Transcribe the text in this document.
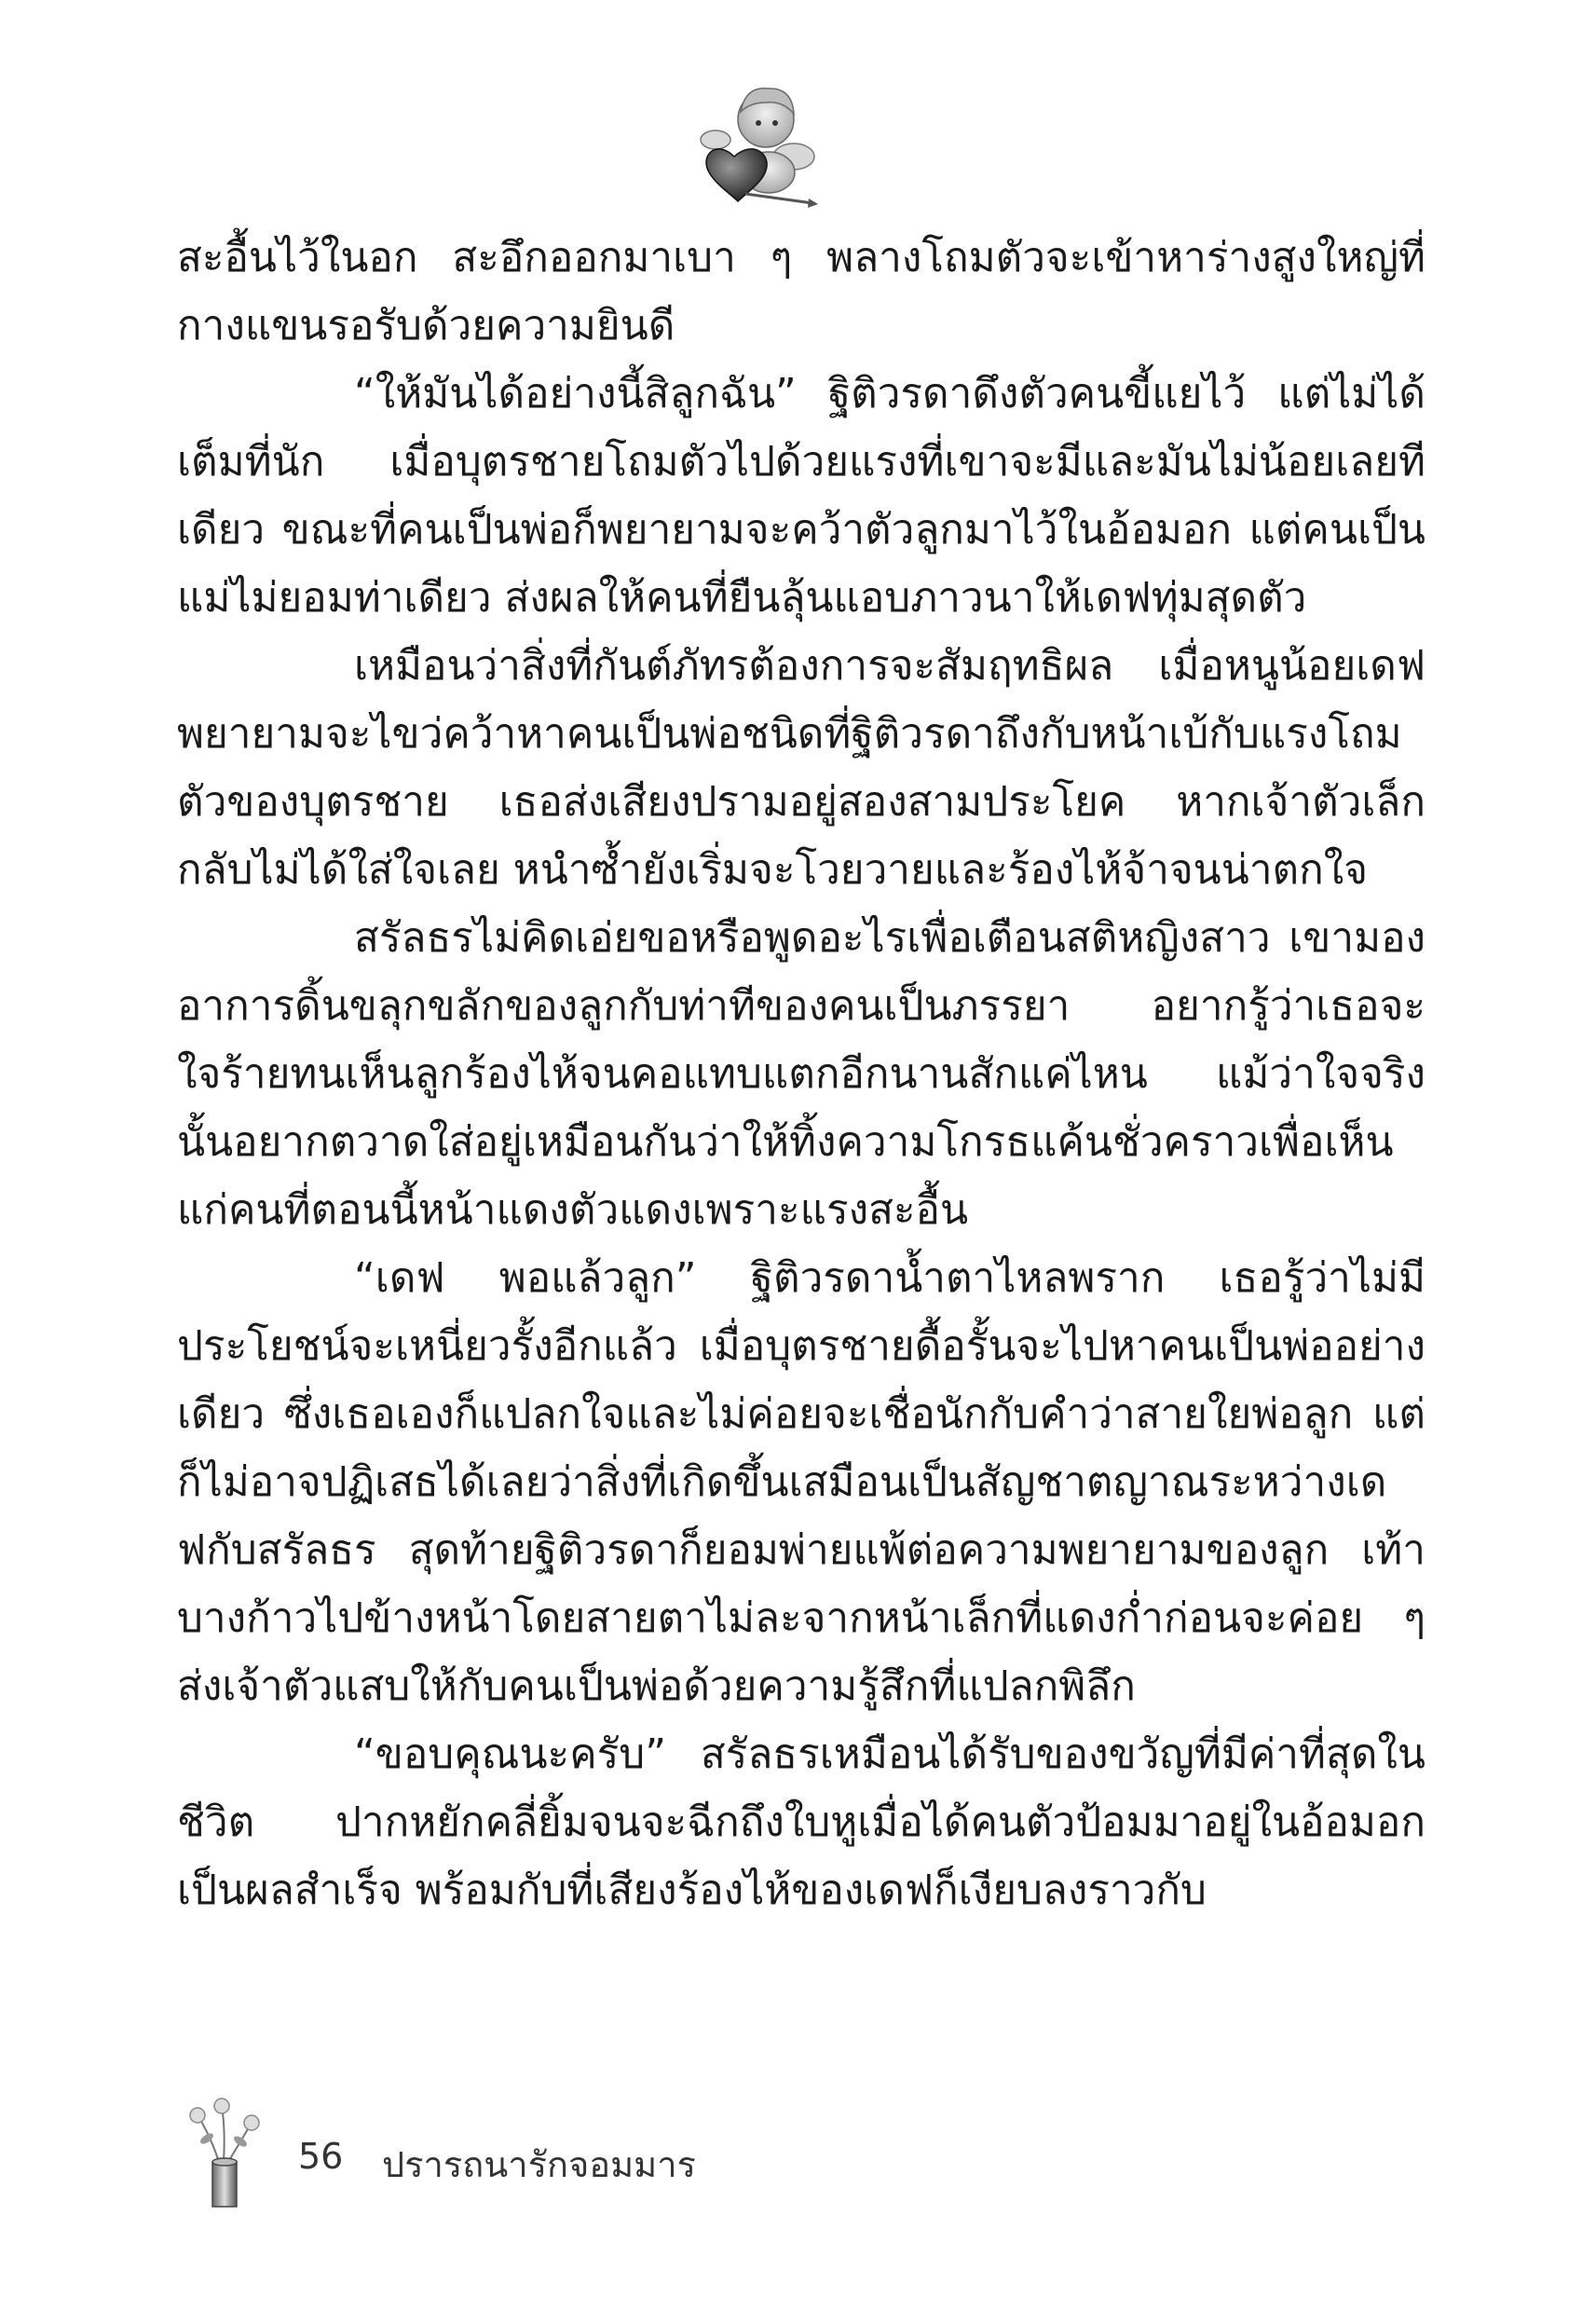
สะอื้นไว้ในอก สะอึกออกมาเบา ๆ พลางโถมตัวจะเข้าหาร่างสูงใหญ่ที่กางแขนรอรับด้วยความยินดี

“ให้มันได้อย่างนี้สิลูกฉัน” ฐิติวรดาดึงตัวคนขี้แยไว้ แต่ไม่ได้เต็มที่นัก เมื่อบุตรชายโถมตัวไปด้วยแรงที่เขาจะมีและมันไม่น้อยเลยทีเดียว ขณะที่คนเป็นพ่อก็พยายามจะคว้าตัวลูกมาไว้ในอ้อมอก แต่คนเป็นแม่ไม่ยอมท่าเดียว ส่งผลให้คนที่ยืนลุ้นแอบภาวนาให้เดฟทุ่มสุดตัว

เหมือนว่าสิ่งที่กันต์ภัทรต้องการจะสัมฤทธิผล เมื่อหนูน้อยเดฟพยายามจะไขว่คว้าหาคนเป็นพ่อชนิดที่ฐิติวรดาถึงกับหน้าเบ้กับแรงโถมตัวของบุตรชาย เธอส่งเสียงปรามอยู่สองสามประโยค หากเจ้าตัวเล็กกลับไม่ได้ใส่ใจเลย หนำซ้ำยังเริ่มจะโวยวายและร้องไห้จ้าจนน่าตกใจ

สรัลธรไม่คิดเอ่ยขอหรือพูดอะไรเพื่อเตือนสติหญิงสาว เขามองอาการดิ้นขลุกขลักของลูกกับท่าทีของคนเป็นภรรยา อยากรู้ว่าเธอจะใจร้ายทนเห็นลูกร้องไห้จนคอแทบแตกอีกนานสักแค่ไหน แม้ว่าใจจริงนั้นอยากตวาดใส่อยู่เหมือนกันว่าให้ทิ้งความโกรธแค้นชั่วคราวเพื่อเห็นแก่คนที่ตอนนี้หน้าแดงตัวแดงเพราะแรงสะอื้น

“เดฟ พอแล้วลูก” ฐิติวรดาน้ำตาไหลพราก เธอรู้ว่าไม่มีประโยชน์จะเหนี่ยวรั้งอีกแล้ว เมื่อบุตรชายดื้อรั้นจะไปหาคนเป็นพ่ออย่างเดียว ซึ่งเธอเองก็แปลกใจและไม่ค่อยจะเชื่อนักกับคำว่าสายใยพ่อลูก แต่ก็ไม่อาจปฏิเสธได้เลยว่าสิ่งที่เกิดขึ้นเสมือนเป็นสัญชาตญาณระหว่างเดฟกับสรัลธร สุดท้ายฐิติวรดาก็ยอมพ่ายแพ้ต่อความพยายามของลูก เท้าบางก้าวไปข้างหน้าโดยสายตาไม่ละจากหน้าเล็กที่แดงก่ำก่อนจะค่อย ๆ ส่งเจ้าตัวแสบให้กับคนเป็นพ่อด้วยความรู้สึกที่แปลกพิลึก

“ขอบคุณนะครับ” สรัลธรเหมือนได้รับของขวัญที่มีค่าที่สุดในชีวิต ปากหยักคลี่ยิ้มจนจะฉีกถึงใบหูเมื่อได้คนตัวป้อมมาอยู่ในอ้อมอกเป็นผลสำเร็จ พร้อมกับที่เสียงร้องไห้ของเดฟก็เงียบลงราวกับ

56 ปรารถนารักจอมมาร
